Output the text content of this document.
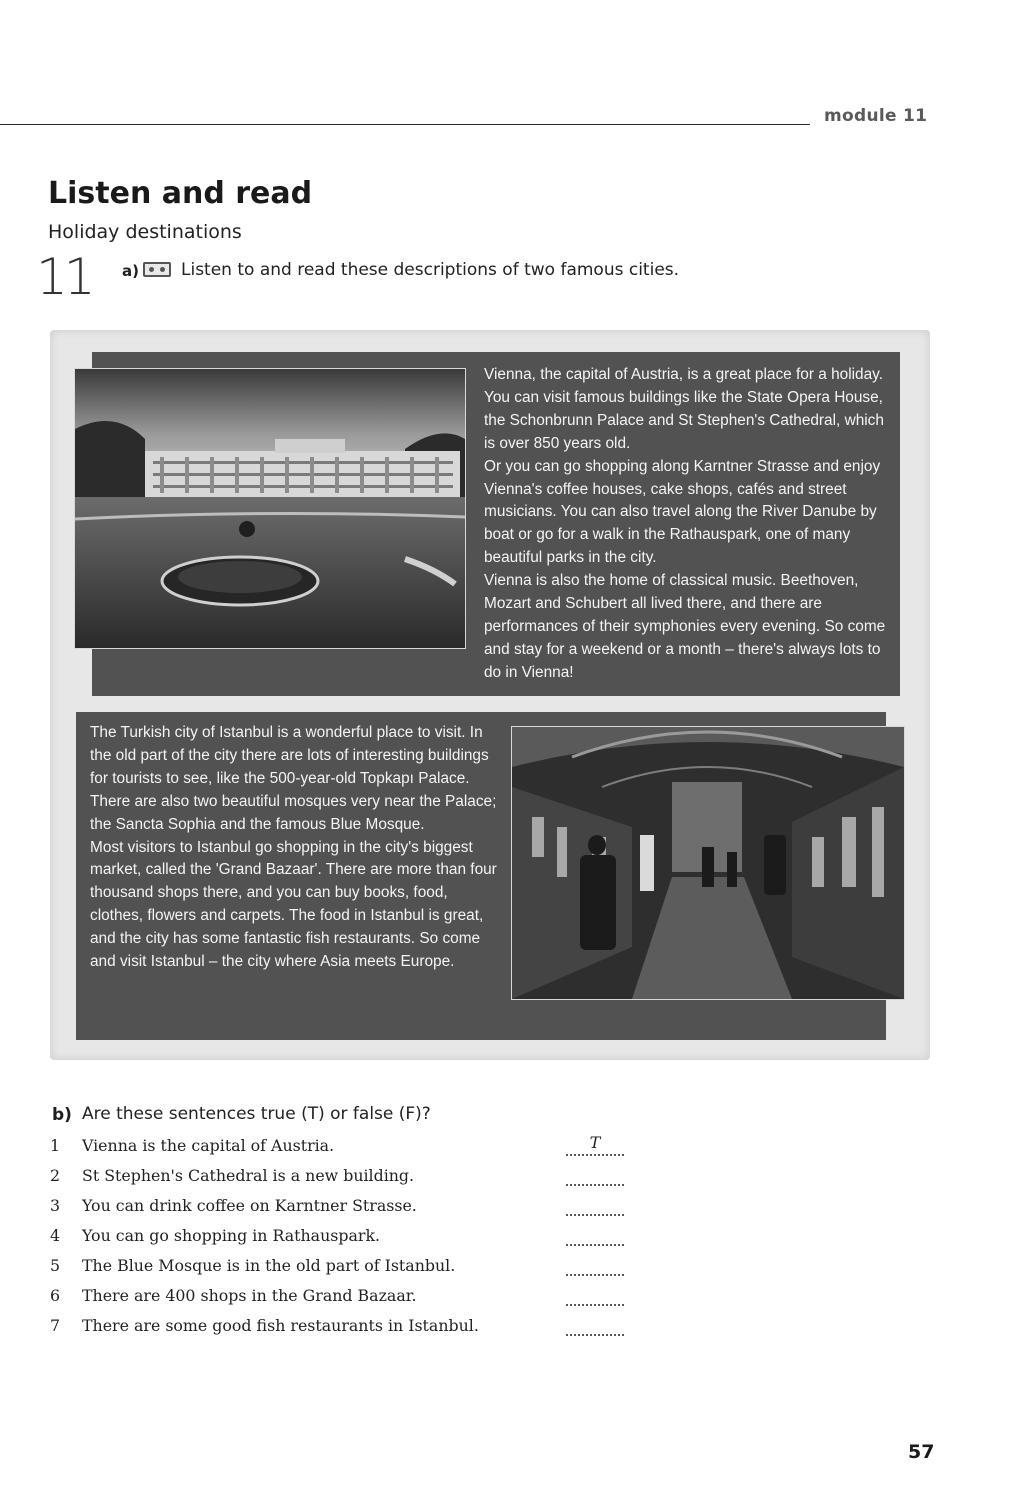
module 11
Listen and read
Holiday destinations
11 a) Listen to and read these descriptions of two famous cities.

Vienna, the capital of Austria, is a great place for a holiday. You can visit famous buildings like the State Opera House, the Schonbrunn Palace and St Stephen's Cathedral, which is over 850 years old.
Or you can go shopping along Karntner Strasse and enjoy Vienna's coffee houses, cake shops, cafés and street musicians. You can also travel along the River Danube by boat or go for a walk in the Rathauspark, one of many beautiful parks in the city.
Vienna is also the home of classical music. Beethoven, Mozart and Schubert all lived there, and there are performances of their symphonies every evening. So come and stay for a weekend or a month – there's always lots to do in Vienna!

The Turkish city of Istanbul is a wonderful place to visit. In the old part of the city there are lots of interesting buildings for tourists to see, like the 500-year-old Topkapı Palace. There are also two beautiful mosques very near the Palace; the Sancta Sophia and the famous Blue Mosque.
Most visitors to Istanbul go shopping in the city's biggest market, called the 'Grand Bazaar'. There are more than four thousand shops there, and you can buy books, food, clothes, flowers and carpets. The food in Istanbul is great, and the city has some fantastic fish restaurants. So come and visit Istanbul – the city where Asia meets Europe.

b) Are these sentences true (T) or false (F)?
1 Vienna is the capital of Austria.	T
2 St Stephen's Cathedral is a new building.
3 You can drink coffee on Karntner Strasse.
4 You can go shopping in Rathauspark.
5 The Blue Mosque is in the old part of Istanbul.
6 There are 400 shops in the Grand Bazaar.
7 There are some good fish restaurants in Istanbul.
57
